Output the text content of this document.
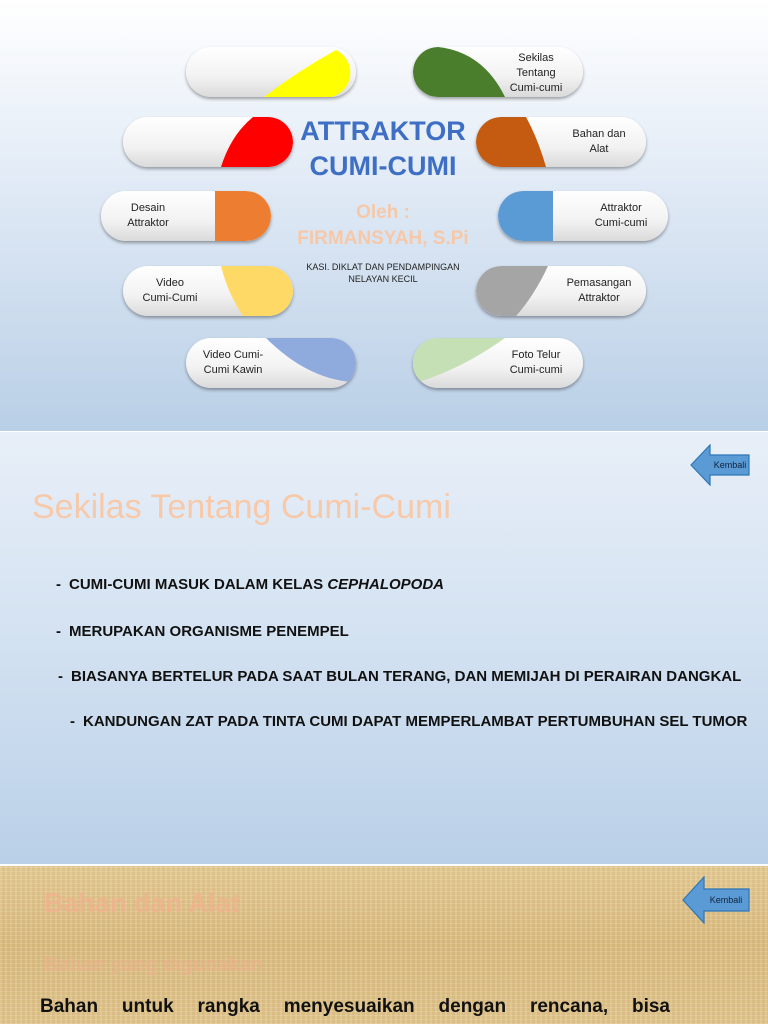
Sekilas
Tentang
Cumi-cumi
Bahan dan
Alat
Desain
Attraktor
Attraktor
Cumi-cumi
Video
Cumi-Cumi
Pemasangan
Attraktor
Video Cumi-
Cumi Kawin
Foto Telur
Cumi-cumi
ATTRAKTOR
CUMI-CUMI
Oleh :
FIRMANSYAH, S.Pi
KASI. DIKLAT DAN PENDAMPINGAN
NELAYAN KECIL
Kembali
Sekilas Tentang Cumi-Cumi
- CUMI-CUMI MASUK DALAM KELAS CEPHALOPODA
- MERUPAKAN ORGANISME PENEMPEL
- BIASANYA BERTELUR PADA SAAT BULAN TERANG, DAN MEMIJAH DI PERAIRAN DANGKAL
- KANDUNGAN ZAT PADA TINTA CUMI DAPAT MEMPERLAMBAT PERTUMBUHAN SEL TUMOR
Kembali
Bahan dan Alat
Bahan yang digunakan
Bahan untuk rangka menyesuaikan dengan rencana, bisa
